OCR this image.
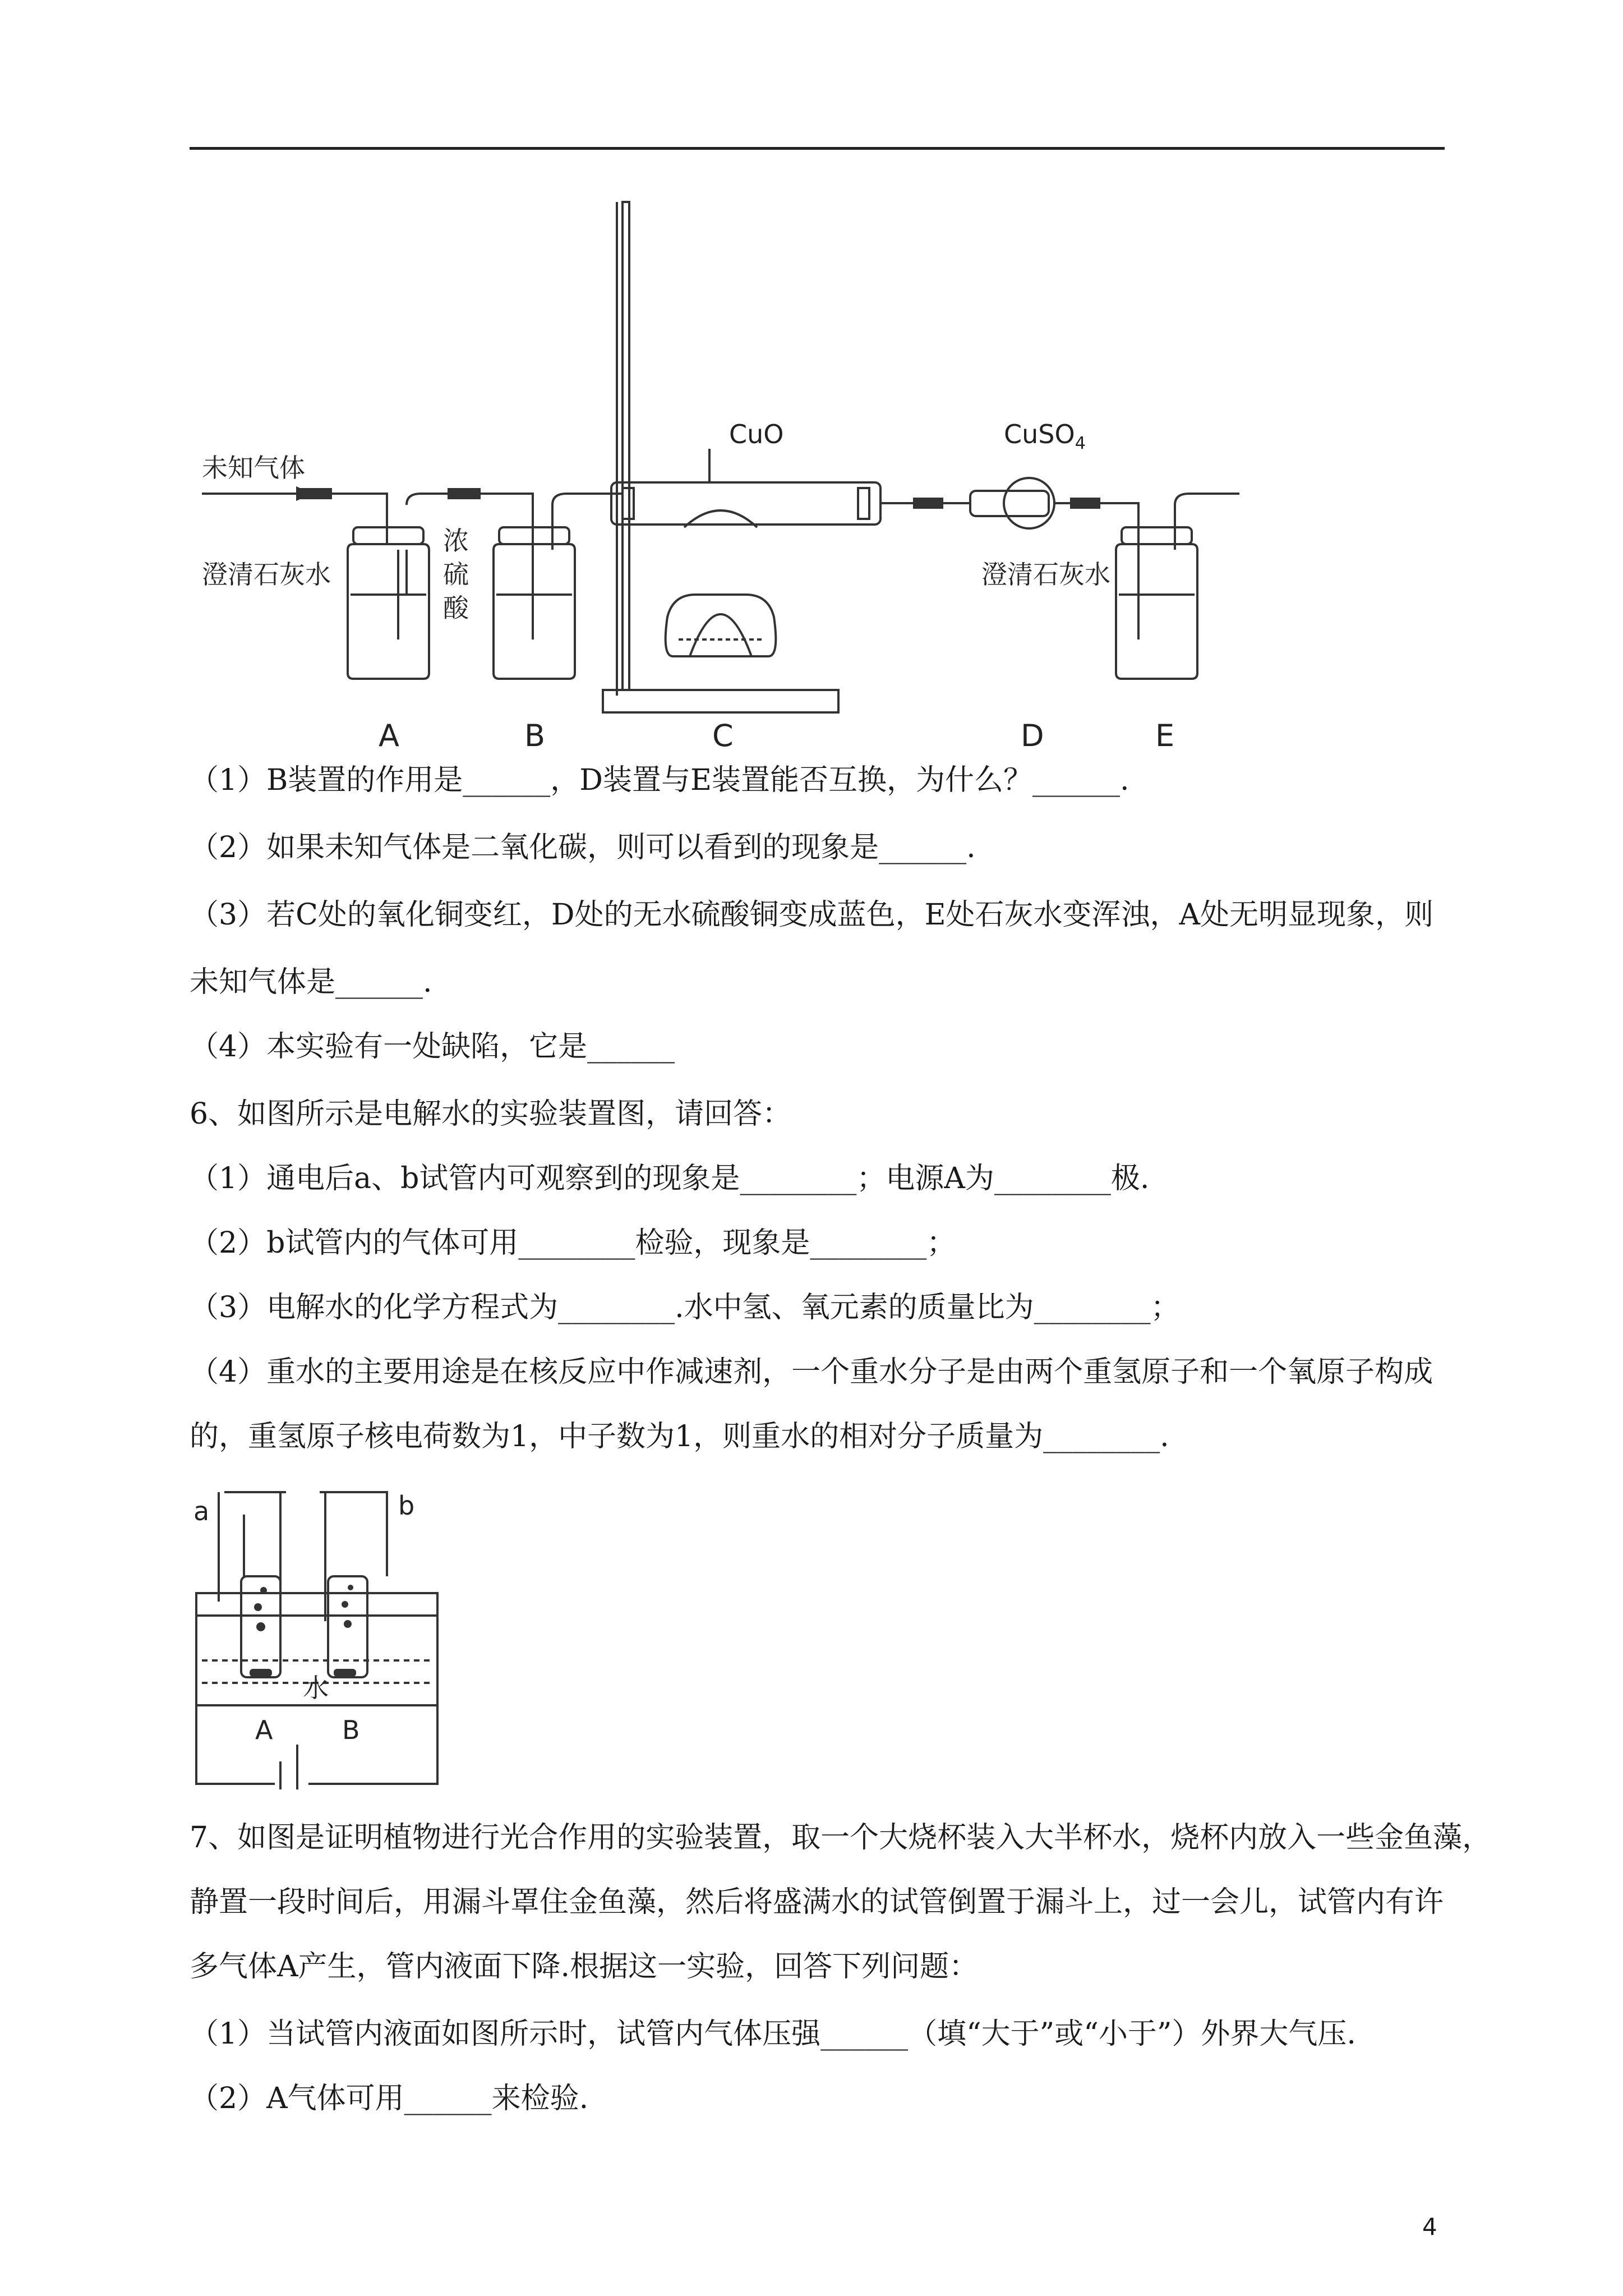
未知气体
澄清石灰水
浓
硫
酸
CuO	CuSO$_4$
澄清石灰水
A	B	C	D	E
（1）B装置的作用是______，D装置与E装置能否互换，为什么？______.
（2）如果未知气体是二氧化碳，则可以看到的现象是______.
（3）若C处的氧化铜变红，D处的无水硫酸铜变成蓝色，E处石灰水变浑浊，A处无明显现象，则
未知气体是______.
（4）本实验有一处缺陷，它是______
6、如图所示是电解水的实验装置图，请回答：
（1）通电后a、b试管内可观察到的现象是________；电源A为________极.
（2）b试管内的气体可用________检验，现象是________；
（3）电解水的化学方程式为________.水中氢、氧元素的质量比为________；
（4）重水的主要用途是在核反应中作减速剂，一个重水分子是由两个重氢原子和一个氧原子构成
的，重氢原子核电荷数为1，中子数为1，则重水的相对分子质量为________.
a	b
水
A	B
7、如图是证明植物进行光合作用的实验装置，取一个大烧杯装入大半杯水，烧杯内放入一些金鱼藻，
静置一段时间后，用漏斗罩住金鱼藻，然后将盛满水的试管倒置于漏斗上，过一会儿，试管内有许
多气体A产生，管内液面下降.根据这一实验，回答下列问题：
（1）当试管内液面如图所示时，试管内气体压强______（填“大于”或“小于”）外界大气压.
（2）A气体可用______来检验.
4
